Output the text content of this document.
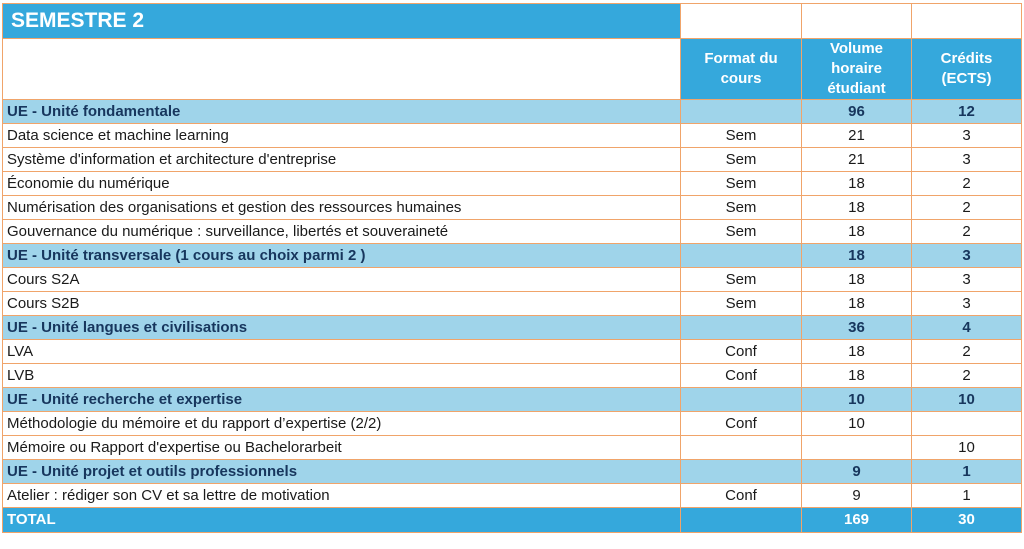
SEMESTRE 2			
	Format du
cours	Volume
horaire
étudiant	Crédits
(ECTS)
UE - Unité fondamentale		96	12
Data science et machine learning	Sem	21	3
Système d'information et architecture d'entreprise	Sem	21	3
Économie du numérique	Sem	18	2
Numérisation des organisations et gestion des ressources humaines	Sem	18	2
Gouvernance du numérique : surveillance, libertés et souveraineté	Sem	18	2
UE - Unité transversale (1 cours au choix parmi 2 )		18	3
Cours S2A	Sem	18	3
Cours S2B	Sem	18	3
UE - Unité langues et civilisations		36	4
LVA	Conf	18	2
LVB	Conf	18	2
UE - Unité recherche et expertise		10	10
Méthodologie du mémoire et du rapport d’expertise (2/2)	Conf	10	
Mémoire ou Rapport d'expertise ou Bachelorarbeit			10
UE - Unité projet et outils professionnels		9	1
Atelier : rédiger son CV et sa lettre de motivation	Conf	9	1
TOTAL		169	30
